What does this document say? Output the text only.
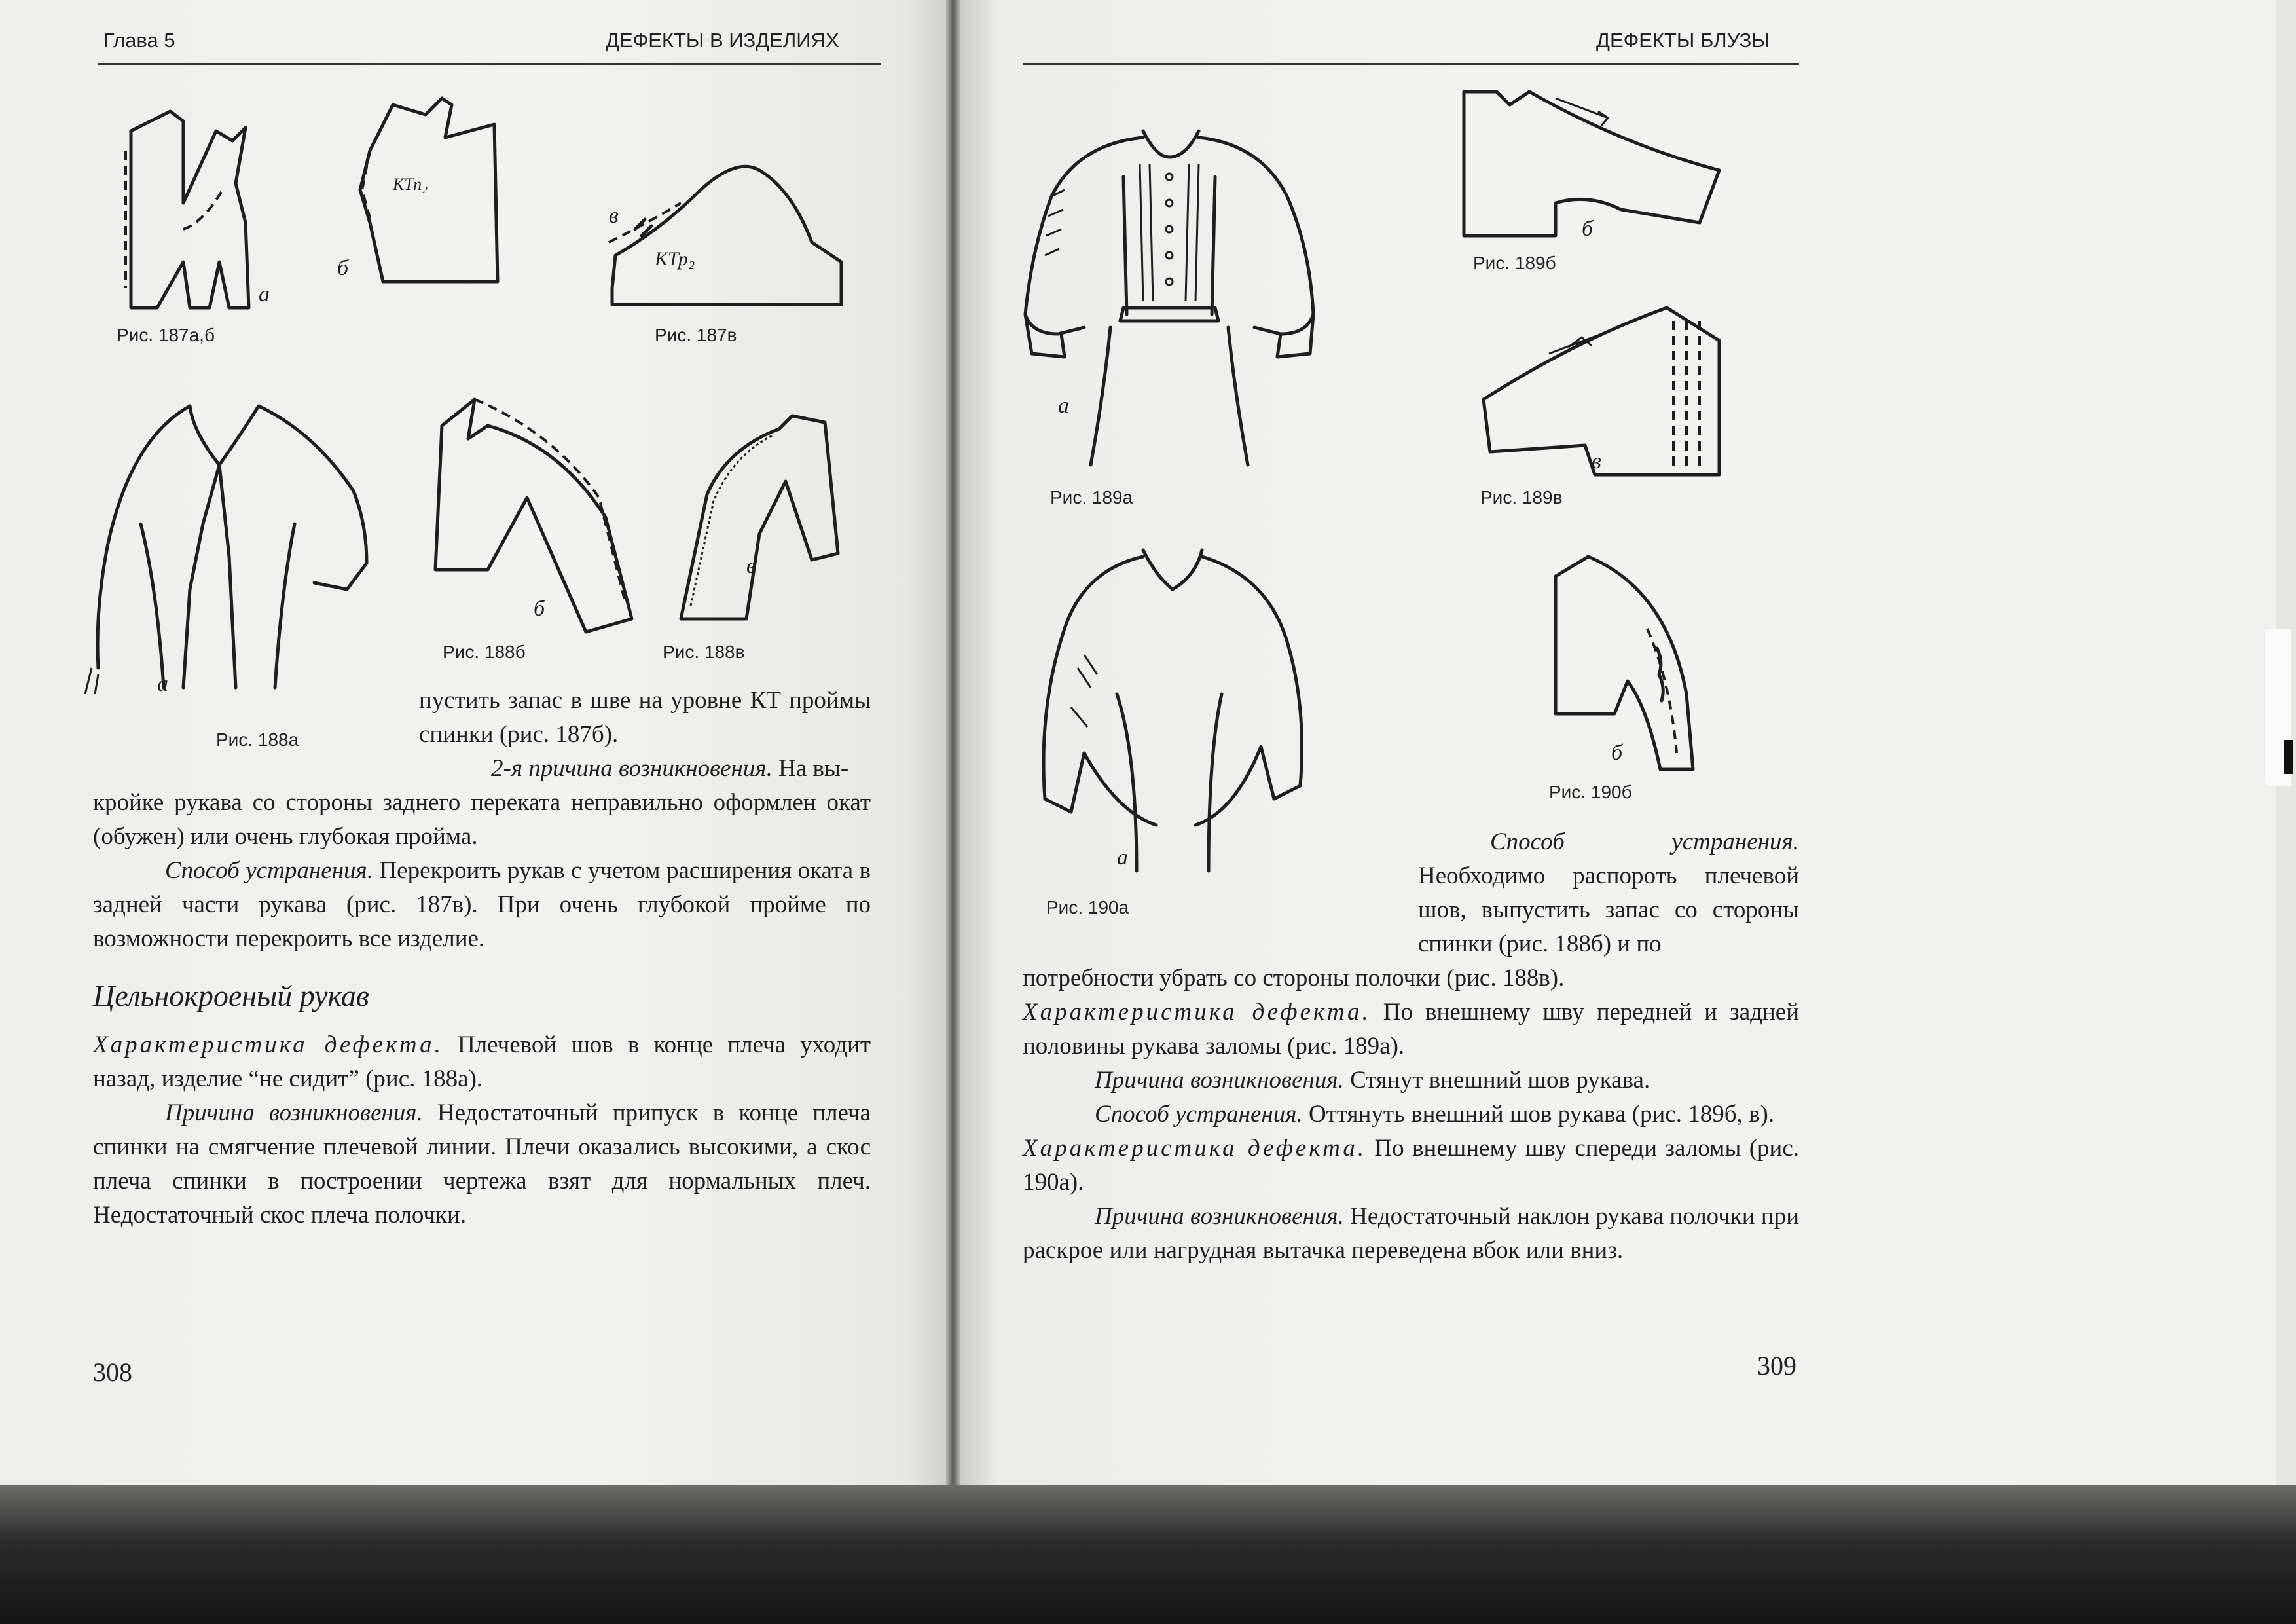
Глава 5	ДЕФЕКТЫ В ИЗДЕЛИЯХ
а
КТп₂
б
в
КТр₂
Рис. 187а,б	Рис. 187в
а
Рис. 188а
б
в
Рис. 188б	Рис. 188в

пустить запас в шве на уровне КТ проймы спинки (рис. 187б).

2-я причина возникновения. На вы-

кройке рукава со стороны заднего переката неправильно оформлен окат (обужен) или очень глубокая пройма.

Способ устранения. Перекроить рукав с учетом расширения оката в задней части рукава (рис. 187в). При очень глубокой пройме по возможности перекроить все изделие.

Цельнокроеный рукав

Характеристика дефекта. Плечевой шов в конце плеча уходит назад, изделие “не сидит” (рис. 188а).

Причина возникновения. Недостаточный припуск в конце плеча спинки на смягчение плечевой линии. Плечи оказались высокими, а скос плеча спинки в построении чертежа взят для нормальных плеч. Недостаточный скос плеча полочки.

308
ДЕФЕКТЫ БЛУЗЫ
а
Рис. 189а
б
Рис. 189б
в
Рис. 189в
а
Рис. 190а
б
Рис. 190б

Способ устранения. Необходимо распороть плечевой шов, выпустить запас со стороны спинки (рис. 188б) и по

потребности убрать со стороны полочки (рис. 188в).

Характеристика дефекта. По внешнему шву передней и задней половины рукава заломы (рис. 189а).

Причина возникновения. Стянут внешний шов рукава.

Способ устранения. Оттянуть внешний шов рукава (рис. 189б, в).

Характеристика дефекта. По внешнему шву спереди заломы (рис. 190а).

Причина возникновения. Недостаточный наклон рукава полочки при раскрое или нагрудная вытачка переведена вбок или вниз.

309
